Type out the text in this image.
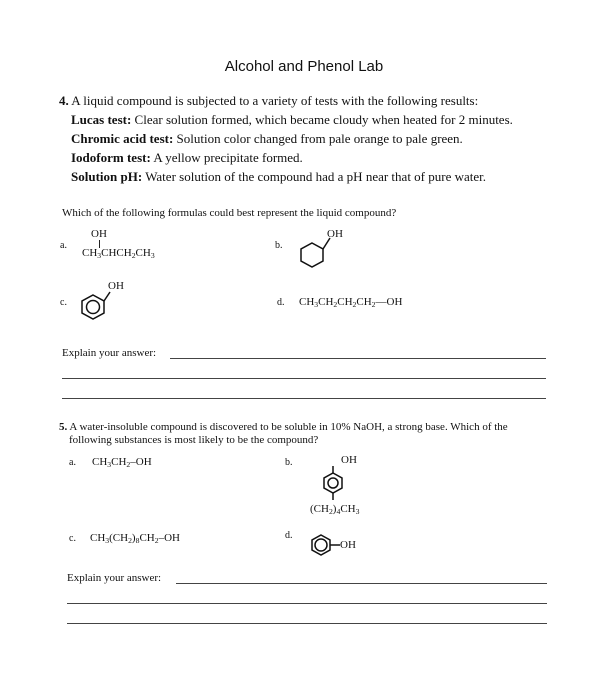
Alcohol and Phenol Lab
4. A liquid compound is subjected to a variety of tests with the following results:
Lucas test: Clear solution formed, which became cloudy when heated for 2 minutes.
Chromic acid test: Solution color changed from pale orange to pale green.
Iodoform test: A yellow precipitate formed.
Solution pH: Water solution of the compound had a pH near that of pure water.
Which of the following formulas could best represent the liquid compound?
a.
OH
$CH_3CHCH_2CH_3$
b.
OH
c.
OH
d. $CH_3CH_2CH_2CH_2—OH$
Explain your answer:
5. A water-insoluble compound is discovered to be soluble in 10% NaOH, a strong base. Which of the
following substances is most likely to be the compound?
a. $CH_3CH_2-OH$	b.	OH
$(CH_2)_4CH_3$
c. $CH_3(CH_2)_8CH_2-OH$	d.
OH
Explain your answer:
